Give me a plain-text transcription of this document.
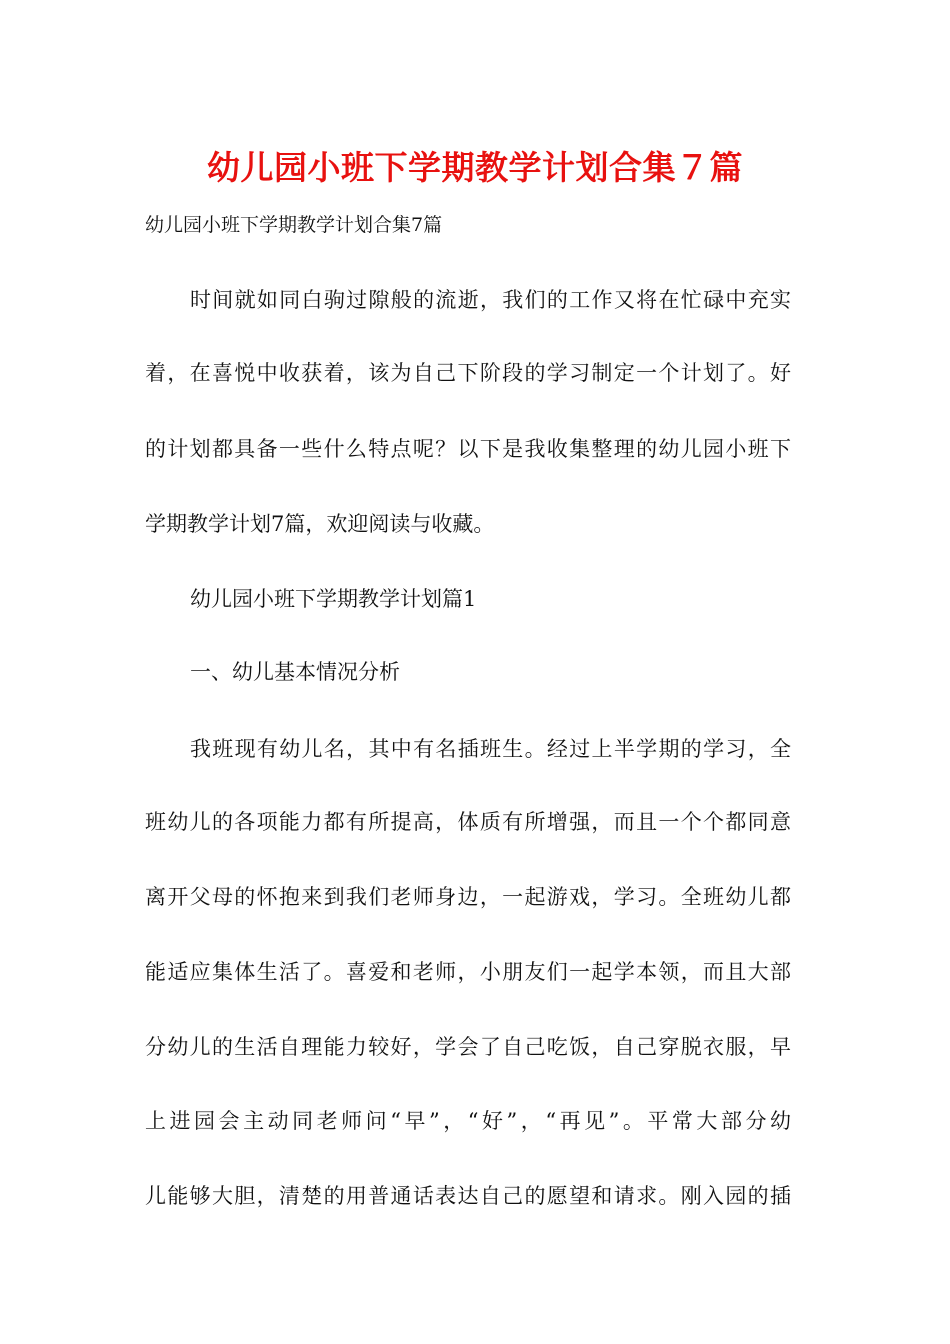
幼儿园小班下学期教学计划合集７篇
幼儿园小班下学期教学计划合集7篇
时间就如同白驹过隙般的流逝，我们的工作又将在忙碌中充实
着，在喜悦中收获着，该为自己下阶段的学习制定一个计划了。好
的计划都具备一些什么特点呢？以下是我收集整理的幼儿园小班下
学期教学计划7篇，欢迎阅读与收藏。
幼儿园小班下学期教学计划篇1
一、幼儿基本情况分析
我班现有幼儿名，其中有名插班生。经过上半学期的学习，全
班幼儿的各项能力都有所提高，体质有所增强，而且一个个都同意
离开父母的怀抱来到我们老师身边，一起游戏，学习。全班幼儿都
能适应集体生活了。喜爱和老师，小朋友们一起学本领，而且大部
分幼儿的生活自理能力较好，学会了自己吃饭，自己穿脱衣服，早
上进园会主动同老师问“早”，“好”，“再见”。平常大部分幼
儿能够大胆，清楚的用普通话表达自己的愿望和请求。刚入园的插
